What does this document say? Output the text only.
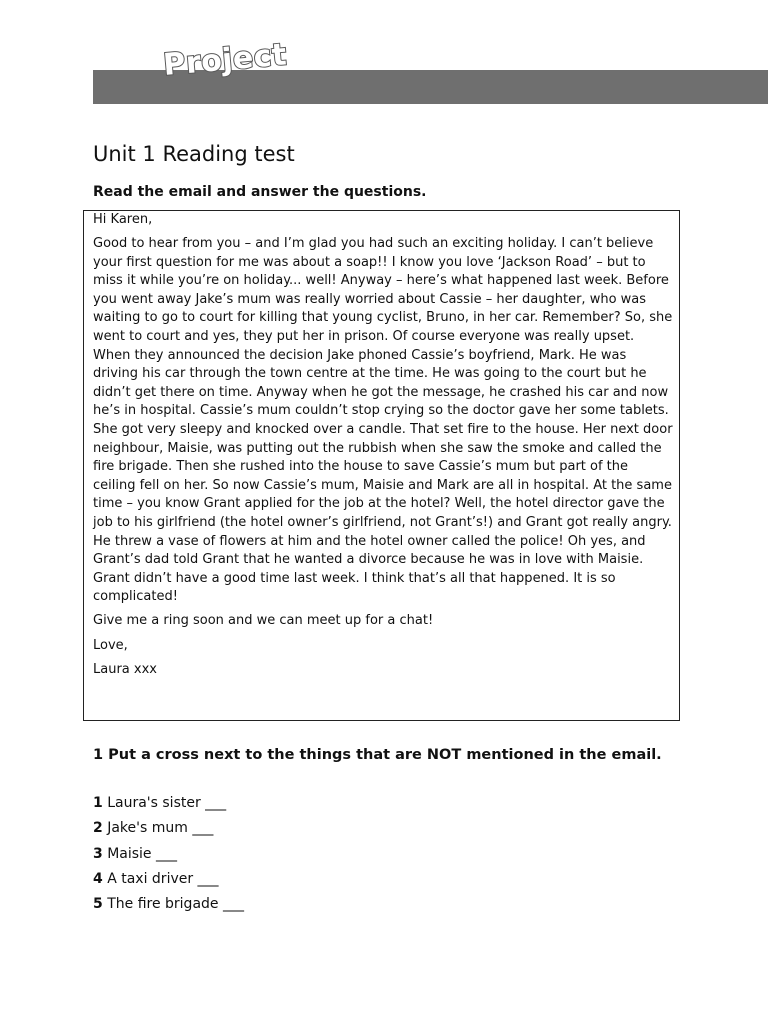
Project
Unit 1 Reading test
Read the email and answer the questions.

Hi Karen,

Good to hear from you – and I’m glad you had such an exciting holiday. I can’t believe your first question for me was about a soap!! I know you love ‘Jackson Road’ – but to miss it while you’re on holiday... well! Anyway – here’s what happened last week. Before you went away Jake’s mum was really worried about Cassie – her daughter, who was waiting to go to court for killing that young cyclist, Bruno, in her car. Remember? So, she went to court and yes, they put her in prison. Of course everyone was really upset. When they announced the decision Jake phoned Cassie’s boyfriend, Mark. He was driving his car through the town centre at the time. He was going to the court but he didn’t get there on time. Anyway when he got the message, he crashed his car and now he’s in hospital. Cassie’s mum couldn’t stop crying so the doctor gave her some tablets. She got very sleepy and knocked over a candle. That set fire to the house. Her next door neighbour, Maisie, was putting out the rubbish when she saw the smoke and called the fire brigade. Then she rushed into the house to save Cassie’s mum but part of the ceiling fell on her. So now Cassie’s mum, Maisie and Mark are all in hospital. At the same time – you know Grant applied for the job at the hotel? Well, the hotel director gave the job to his girlfriend (the hotel owner’s girlfriend, not Grant’s!) and Grant got really angry. He threw a vase of flowers at him and the hotel owner called the police! Oh yes, and Grant’s dad told Grant that he wanted a divorce because he was in love with Maisie. Grant didn’t have a good time last week. I think that’s all that happened. It is so complicated!

Give me a ring soon and we can meet up for a chat!

Love,

Laura xxx

1 Put a cross next to the things that are NOT mentioned in the email.
1 Laura's sister ___
2 Jake's mum ___
3 Maisie ___
4 A taxi driver ___
5 The fire brigade ___
